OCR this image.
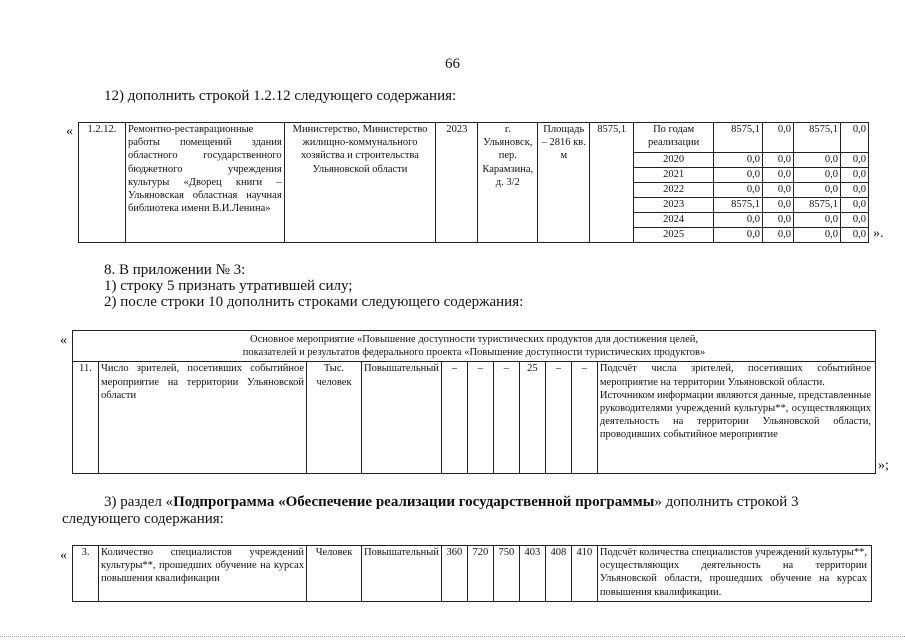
66
12) дополнить строкой 1.2.12 следующего содержания:
« 1.2.12.	Ремонтно-реставрационные работы помещений здания областного государственного бюджетного учреждения культуры «Дворец книги – Ульяновская областная научная библиотека имени В.И.Ленина»	Министерство, Министерство жилищно-коммунального хозяйства и строительства Ульяновской области	2023	г. Ульяновск, пер. Карамзина, д. 3/2	Площадь – 2816 кв. м	8575,1	По годам реализации	8575,1	0,0	8575,1	0,0
							2020	0,0	0,0	0,0	0,0
							2021	0,0	0,0	0,0	0,0
							2022	0,0	0,0	0,0	0,0
							2023	8575,1	0,0	8575,1	0,0
							2024	0,0	0,0	0,0	0,0
							2025	0,0	0,0	0,0	0,0 ».
8. В приложении № 3:
1) строку 5 признать утратившей силу;
2) после строки 10 дополнить строками следующего содержания:
«	Основное мероприятие «Повышение доступности туристических продуктов для достижения целей,
показателей и результатов федерального проекта «Повышение доступности туристических продуктов»

11.	Число зрителей, посетивших событийное мероприятие на территории Ульяновской области	Тыс. человек	Повышательный	–	–	–	25	–	–	Подсчёт числа зрителей, посетивших событийное мероприятие на территории Ульяновской области.
Источником информации являются данные, представленные руководителями учреждений культуры**, осуществляющих деятельность на территории Ульяновской области, проводивших событийное мероприятие
»;
3) раздел «Подпрограмма «Обеспечение реализации государственной программы» дополнить строкой 3
следующего содержания:
« 3.	Количество специалистов учреждений культуры**, прошедших обучение на курсах повышения квалификации	Человек	Повышательный	360	720	750	403	408	410	Подсчёт количества специалистов учреждений культуры**, осуществляющих деятельность на территории Ульяновской области, прошедших обучение на курсах повышения квалификации.
